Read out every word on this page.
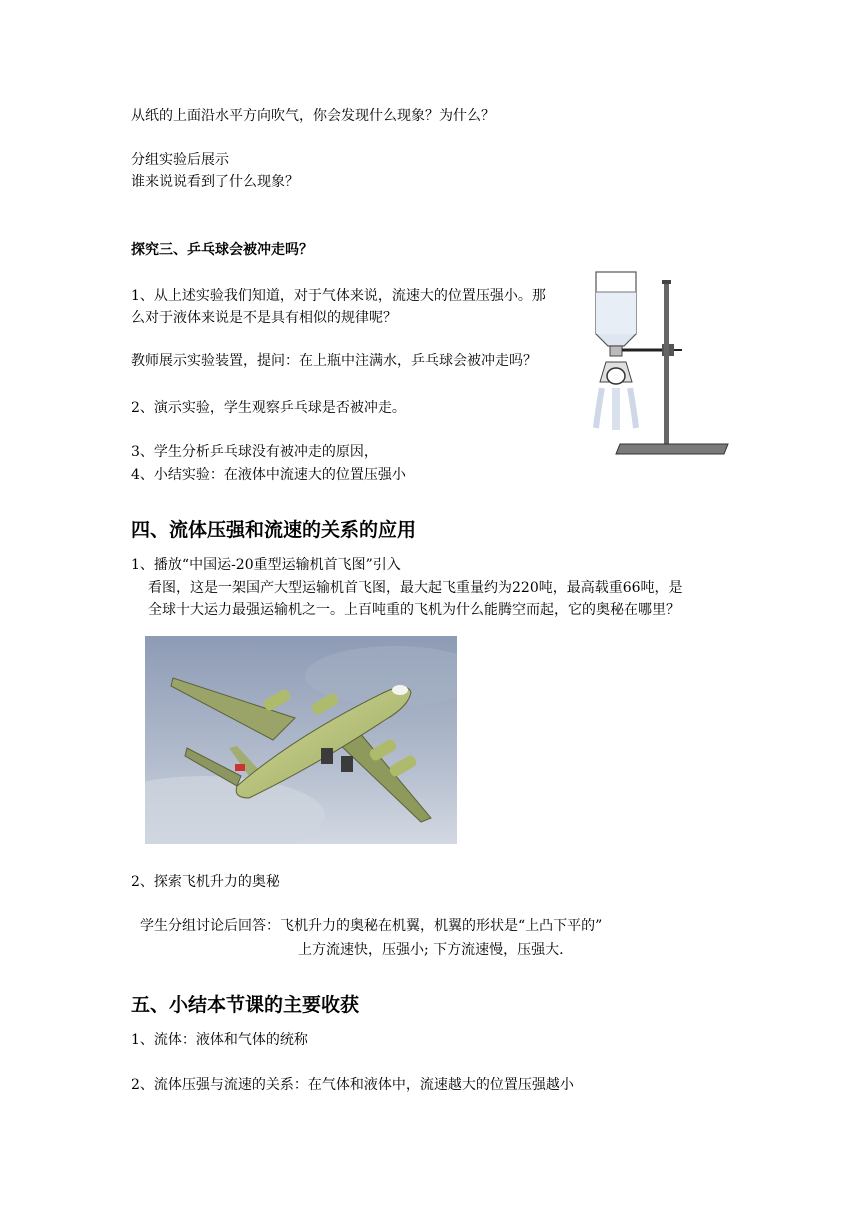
从纸的上面沿水平方向吹气，你会发现什么现象？为什么？
分组实验后展示
谁来说说看到了什么现象？
探究三、乒乓球会被冲走吗？
1、从上述实验我们知道，对于气体来说，流速大的位置压强小。那
么对于液体来说是不是具有相似的规律呢？
教师展示实验装置，提问：在上瓶中注满水，乒乓球会被冲走吗？
2、演示实验，学生观察乒乓球是否被冲走。
3、学生分析乒乓球没有被冲走的原因，
4、小结实验：在液体中流速大的位置压强小
四、流体压强和流速的关系的应用
1、播放“中国运-20重型运输机首飞图”引入
看图，这是一架国产大型运输机首飞图，最大起飞重量约为220吨，最高载重66吨，是
全球十大运力最强运输机之一。上百吨重的飞机为什么能腾空而起，它的奥秘在哪里？
2、探索飞机升力的奥秘
学生分组讨论后回答：飞机升力的奥秘在机翼，机翼的形状是“上凸下平的”
上方流速快，压强小; 下方流速慢，压强大.
五、小结本节课的主要收获
1、流体：液体和气体的统称
2、流体压强与流速的关系：在气体和液体中，流速越大的位置压强越小
